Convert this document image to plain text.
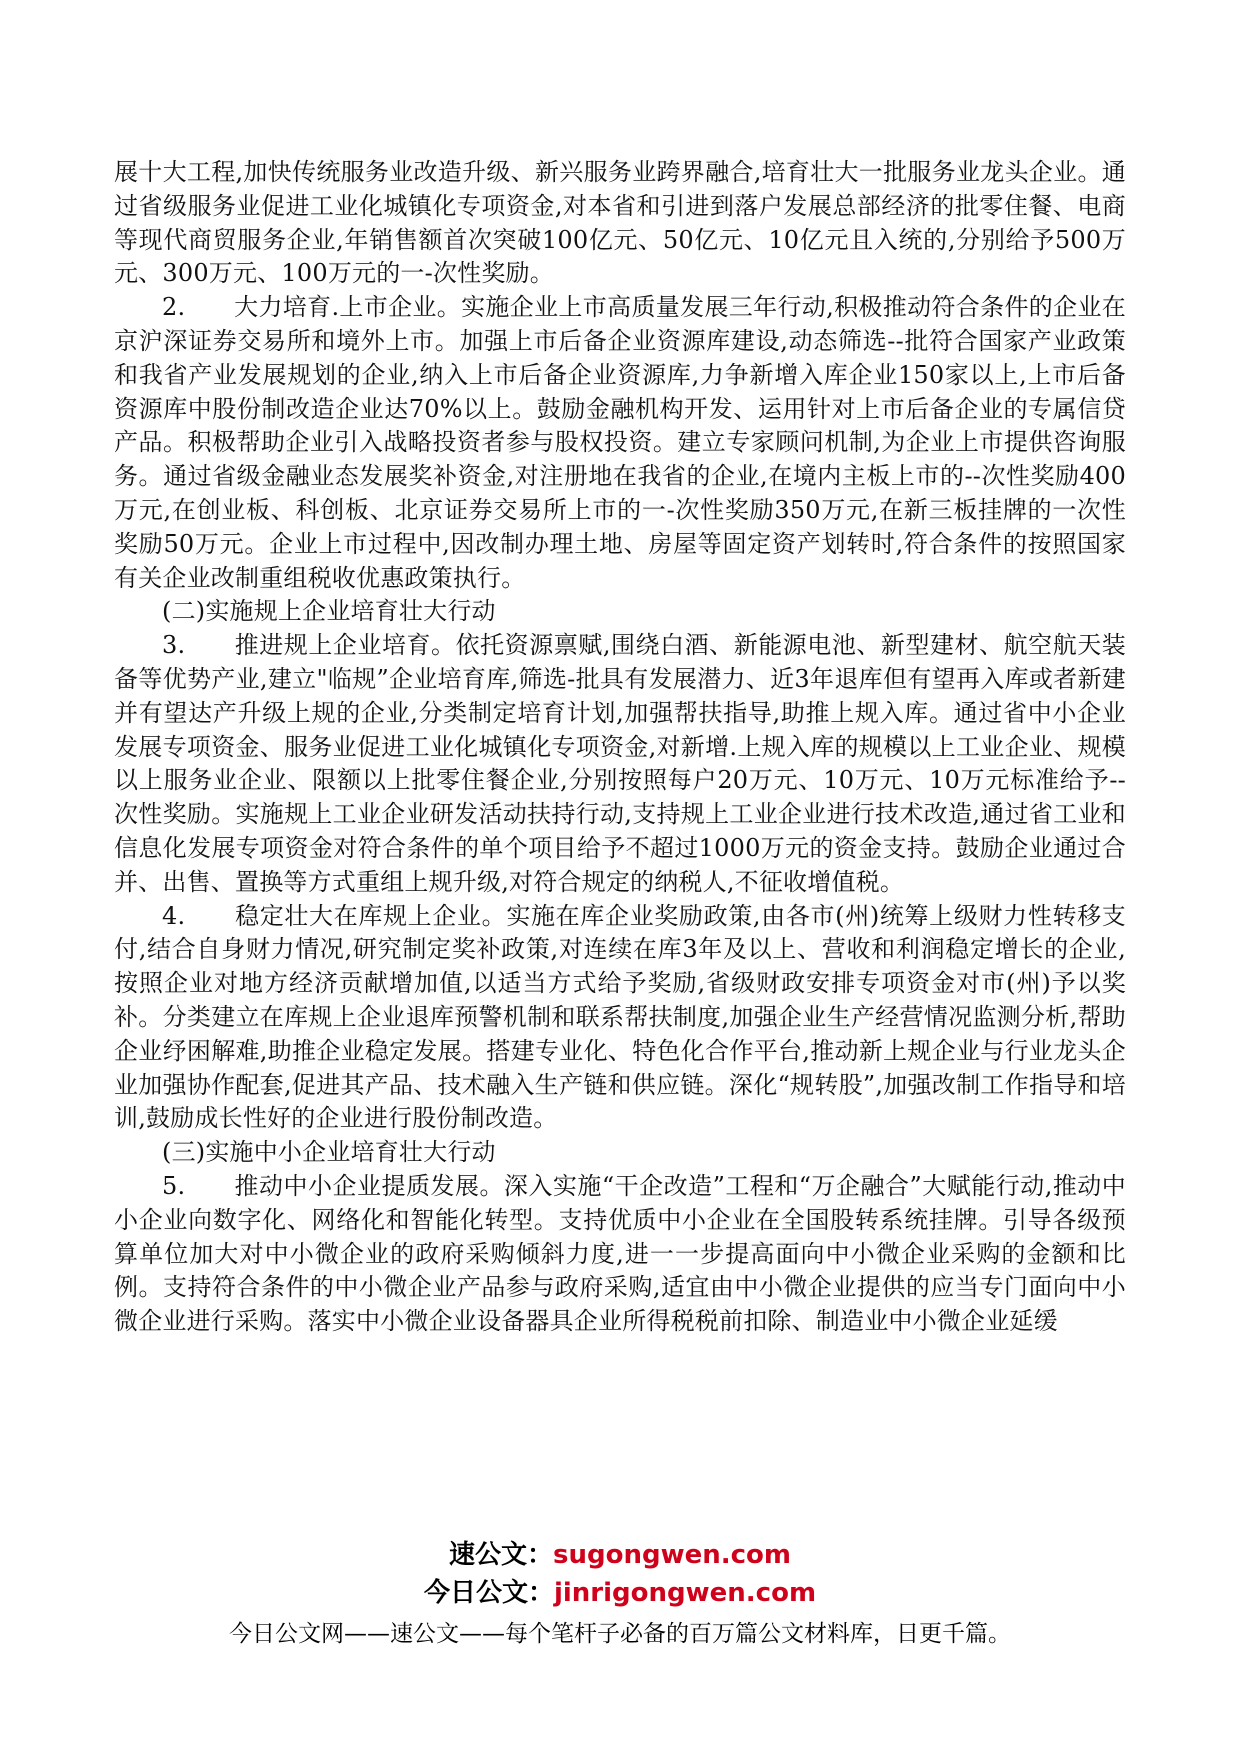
展十大工程,加快传统服务业改造升级、新兴服务业跨界融合,培育壮大一批服务业龙头企业。通过省级服务业促进工业化城镇化专项资金,对本省和引进到落户发展总部经济的批零住餐、电商等现代商贸服务企业,年销售额首次突破100亿元、50亿元、10亿元且入统的,分别给予500万元、300万元、100万元的一-次性奖励。

2.　　大力培育.上市企业。实施企业上市高质量发展三年行动,积极推动符合条件的企业在京沪深证券交易所和境外上市。加强上市后备企业资源库建设,动态筛选--批符合国家产业政策和我省产业发展规划的企业,纳入上市后备企业资源库,力争新增入库企业150家以上,上市后备资源库中股份制改造企业达70%以上。鼓励金融机构开发、运用针对上市后备企业的专属信贷产品。积极帮助企业引入战略投资者参与股权投资。建立专家顾问机制,为企业上市提供咨询服务。通过省级金融业态发展奖补资金,对注册地在我省的企业,在境内主板上市的--次性奖励400万元,在创业板、科创板、北京证券交易所上市的一-次性奖励350万元,在新三板挂牌的一次性奖励50万元。企业上市过程中,因改制办理土地、房屋等固定资产划转时,符合条件的按照国家有关企业改制重组税收优惠政策执行。

(二)实施规上企业培育壮大行动

3.　　推进规上企业培育。依托资源禀赋,围绕白酒、新能源电池、新型建材、航空航天装备等优势产业,建立"临规”企业培育库,筛选-批具有发展潜力、近3年退库但有望再入库或者新建并有望达产升级上规的企业,分类制定培育计划,加强帮扶指导,助推上规入库。通过省中小企业发展专项资金、服务业促进工业化城镇化专项资金,对新增.上规入库的规模以上工业企业、规模以上服务业企业、限额以上批零住餐企业,分别按照每户20万元、10万元、10万元标准给予--次性奖励。实施规上工业企业研发活动扶持行动,支持规上工业企业进行技术改造,通过省工业和信息化发展专项资金对符合条件的单个项目给予不超过1000万元的资金支持。鼓励企业通过合并、出售、置换等方式重组上规升级,对符合规定的纳税人,不征收增值税。

4.　　稳定壮大在库规上企业。实施在库企业奖励政策,由各市(州)统筹上级财力性转移支付,结合自身财力情况,研究制定奖补政策,对连续在库3年及以上、营收和利润稳定增长的企业,按照企业对地方经济贡献增加值,以适当方式给予奖励,省级财政安排专项资金对市(州)予以奖补。分类建立在库规上企业退库预警机制和联系帮扶制度,加强企业生产经营情况监测分析,帮助企业纾困解难,助推企业稳定发展。搭建专业化、特色化合作平台,推动新上规企业与行业龙头企业加强协作配套,促进其产品、技术融入生产链和供应链。深化“规转股”,加强改制工作指导和培训,鼓励成长性好的企业进行股份制改造。

(三)实施中小企业培育壮大行动

5.　　推动中小企业提质发展。深入实施“干企改造”工程和“万企融合”大赋能行动,推动中小企业向数字化、网络化和智能化转型。支持优质中小企业在全国股转系统挂牌。引导各级预算单位加大对中小微企业的政府采购倾斜力度,进一一步提高面向中小微企业采购的金额和比例。支持符合条件的中小微企业产品参与政府采购,适宜由中小微企业提供的应当专门面向中小微企业进行采购。落实中小微企业设备器具企业所得税税前扣除、制造业中小微企业延缓

速公文：sugongwen.com
今日公文：jinrigongwen.com
今日公文网——速公文——每个笔杆子必备的百万篇公文材料库，日更千篇。
